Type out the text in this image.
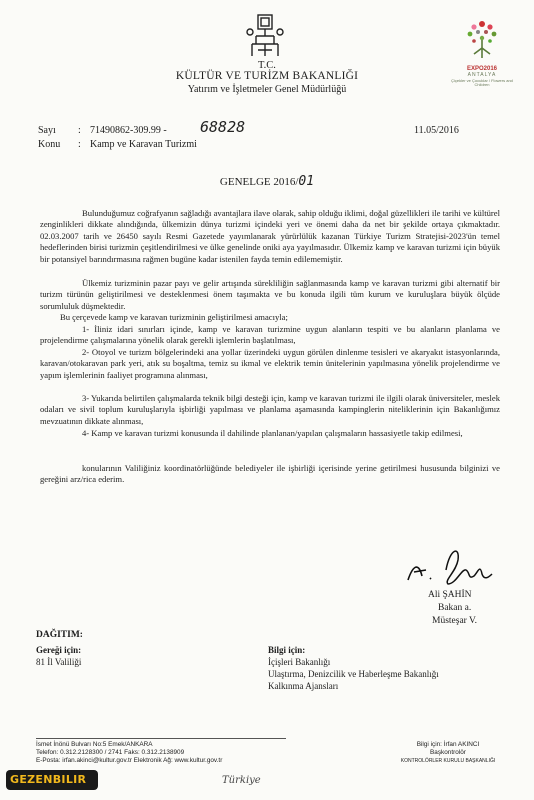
EXPO2016
ANTALYA
Çiçekler ve Çocuklar / Flowers and Children
T.C.
KÜLTÜR VE TURİZM BAKANLIĞI
Yatırım ve İşletmeler Genel Müdürlüğü
Sayı : 71490862-309.99 - 68828	11.05/2016
Konu : Kamp ve Karavan Turizmi
GENELGE 2016/01
Bulunduğumuz coğrafyanın sağladığı avantajlara ilave olarak, sahip olduğu iklimi, doğal güzellikleri ile tarihi ve kültürel zenginlikleri dikkate alındığında, ülkemizin dünya turizmi içindeki yeri ve önemi daha da net bir şekilde ortaya çıkmaktadır. 02.03.2007 tarih ve 26450 sayılı Resmi Gazetede yayımlanarak yürürlülük kazanan Türkiye Turizm Stratejisi-2023'ün temel hedeflerinden birisi turizmin çeşitlendirilmesi ve ülke genelinde oniki aya yayılmasıdır. Ülkemiz kamp ve karavan turizmi için büyük bir potansiyel barındırmasına rağmen bugüne kadar istenilen fayda temin edilememiştir.
Ülkemiz turizminin pazar payı ve gelir artışında sürekliliğin sağlanmasında kamp ve karavan turizmi gibi alternatif bir turizm türünün geliştirilmesi ve desteklenmesi önem taşımakta ve bu konuda ilgili tüm kurum ve kuruluşlara büyük ölçüde sorumluluk düşmektedir.
Bu çerçevede kamp ve karavan turizminin geliştirilmesi amacıyla;
1- İliniz idari sınırları içinde, kamp ve karavan turizmine uygun alanların tespiti ve bu alanların planlama ve projelendirme çalışmalarına yönelik olarak gerekli işlemlerin başlatılması,
2- Otoyol ve turizm bölgelerindeki ana yollar üzerindeki uygun görülen dinlenme tesisleri ve akaryakıt istasyonlarında, karavan/otokaravan park yeri, atık su boşaltma, temiz su ikmal ve elektrik temin ünitelerinin yapılmasına yönelik projelendirme ve yapım işlemlerinin faaliyet programına alınması,
3- Yukarıda belirtilen çalışmalarda teknik bilgi desteği için, kamp ve karavan turizmi ile ilgili olarak üniversiteler, meslek odaları ve sivil toplum kuruluşlarıyla işbirliği yapılması ve planlama aşamasında kampinglerin niteliklerinin için Bakanlığımız mevzuatının dikkate alınması,
4- Kamp ve karavan turizmi konusunda il dahilinde planlanan/yapılan çalışmaların hassasiyetle takip edilmesi,
konularının Valiliğiniz koordinatörlüğünde belediyeler ile işbirliği içerisinde yerine getirilmesi hususunda bilginizi ve gereğini arz/rica ederim.
Ali ŞAHİN
Bakan a.
Müsteşar V.
DAĞITIM:
Gereği için:
81 İl Valiliği
Bilgi için:
İçişleri Bakanlığı
Ulaştırma, Denizcilik ve Haberleşme Bakanlığı
Kalkınma Ajansları
İsmet İnönü Bulvarı No:5 Emek/ANKARA
Telefon: 0.312.2128300 / 2741 Faks: 0.312.2138909
E-Posta: irfan.akinci@kultur.gov.tr Elektronik Ağ: www.kultur.gov.tr
Bilgi için: İrfan AKINCI
Başkontrolör
KONTROLÖRLER KURULU BAŞKANLIĞI
Türkiye
GEZENBILIR
